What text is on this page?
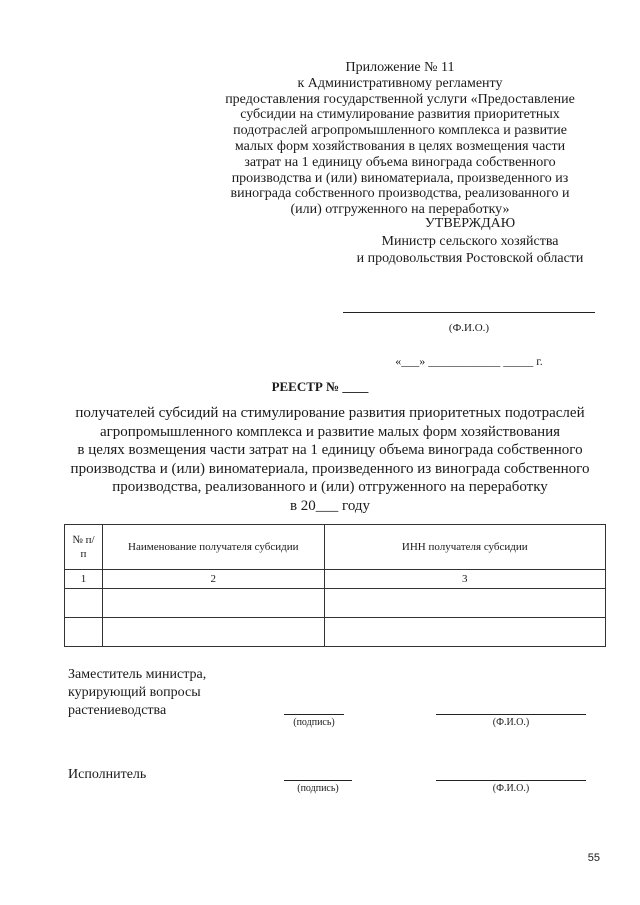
Приложение № 11
к Административному регламенту
предоставления государственной услуги «Предоставление
субсидии на стимулирование развития приоритетных
подотраслей агропромышленного комплекса и развитие
малых форм хозяйствования в целях возмещения части
затрат на 1 единицу объема винограда собственного
производства и (или) виноматериала, произведенного из
винограда собственного производства, реализованного и
(или) отгруженного на переработку»
УТВЕРЖДАЮ
Министр сельского хозяйства
и продовольствия Ростовской области
(Ф.И.О.)
«___» ____________ _____ г.
РЕЕСТР № ____
получателей субсидий на стимулирование развития приоритетных подотраслей
агропромышленного комплекса и развитие малых форм хозяйствования
в целях возмещения части затрат на 1 единицу объема винограда собственного
производства и (или) виноматериала, произведенного из винограда собственного
производства, реализованного и (или) отгруженного на переработку
в 20___ году
№ п/п	Наименование получателя субсидии	ИНН получателя субсидии
1	2	3

Заместитель министра,
курирующий вопросы
растениеводства
(подпись)	(Ф.И.О.)
Исполнитель
(подпись)	(Ф.И.О.)
55
